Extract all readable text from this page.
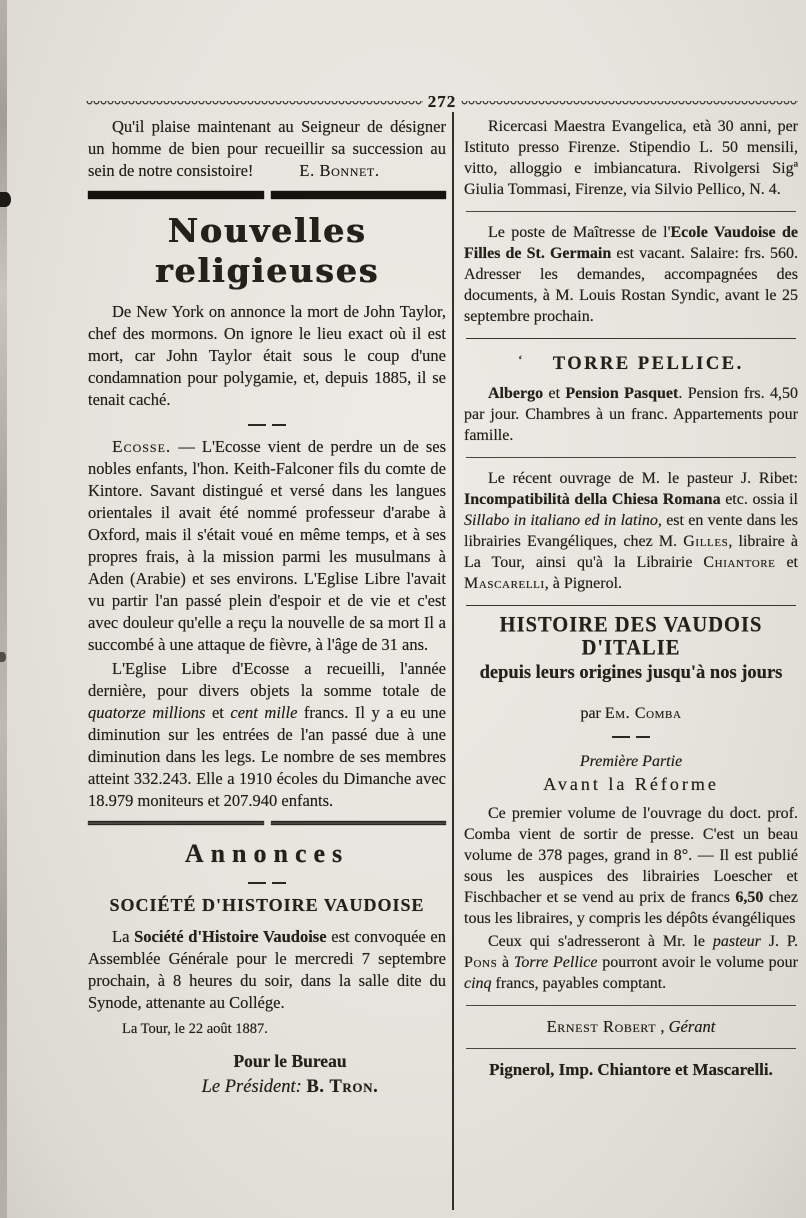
272

Qu'il plaise maintenant au Seigneur de désigner un homme de bien pour recueillir sa succession au sein de notre consistoire!	E. Bonnet.

Nouvelles religieuses

De New York on annonce la mort de John Taylor, chef des mormons. On ignore le lieu exact où il est mort, car John Taylor était sous le coup d'une condamnation pour polygamie, et, depuis 1885, il se tenait caché.

Ecosse. — L'Ecosse vient de perdre un de ses nobles enfants, l'hon. Keith-Falconer fils du comte de Kintore. Savant distingué et versé dans les langues orientales il avait été nommé professeur d'arabe à Oxford, mais il s'était voué en même temps, et à ses propres frais, à la mission parmi les musulmans à Aden (Arabie) et ses environs. L'Eglise Libre l'avait vu partir l'an passé plein d'espoir et de vie et c'est avec douleur qu'elle a reçu la nouvelle de sa mort Il a succombé à une attaque de fièvre, à l'âge de 31 ans.

L'Eglise Libre d'Ecosse a recueilli, l'année dernière, pour divers objets la somme totale de quatorze millions et cent mille francs. Il y a eu une diminution sur les entrées de l'an passé due à une diminution dans les legs. Le nombre de ses membres atteint 332.243. Elle a 1910 écoles du Dimanche avec 18.979 moniteurs et 207.940 enfants.

Annonces
SOCIÉTÉ D'HISTOIRE VAUDOISE

La Société d'Histoire Vaudoise est convoquée en Assemblée Générale pour le mercredi 7 septembre prochain, à 8 heures du soir, dans la salle dite du Synode, attenante au Collége.

La Tour, le 22 août 1887.

Pour le Bureau

Le Président: B. Tron.

Ricercasi Maestra Evangelica, età 30 anni, per Istituto presso Firenze. Stipendio L. 50 mensili, vitto, alloggio e imbiancatura. Rivolgersi Sigª Giulia Tommasi, Firenze, via Silvio Pellico, N. 4.

Le poste de Maîtresse de l'Ecole Vaudoise de Filles de St. Germain est vacant. Salaire: frs. 560. Adresser les demandes, accompagnées des documents, à M. Louis Rostan Syndic, avant le 25 septembre prochain.

$^ʻ$ TORRE PELLICE.

Albergo et Pension Pasquet. Pension frs. 4,50 par jour. Chambres à un franc. Appartements pour famille.

Le récent ouvrage de M. le pasteur J. Ribet: Incompatibilità della Chiesa Romana etc. ossia il Sillabo in italiano ed in latino, est en vente dans les librairies Evangéliques, chez M. Gilles, libraire à La Tour, ainsi qu'à la Librairie Chiantore et Mascarelli, à Pignerol.

HISTOIRE DES VAUDOIS D'ITALIE
depuis leurs origines jusqu'à nos jours

par Em. Comba

Première Partie

Avant la Réforme

Ce premier volume de l'ouvrage du doct. prof. Comba vient de sortir de presse. C'est un beau volume de 378 pages, grand in 8°. — Il est publié sous les auspices des librairies Loescher et Fischbacher et se vend au prix de francs 6,50 chez tous les libraires, y compris les dépôts évangéliques

Ceux qui s'adresseront à Mr. le pasteur J. P. Pons à Torre Pellice pourront avoir le volume pour cinq francs, payables comptant.

Ernest Robert , Gérant

Pignerol, Imp. Chiantore et Mascarelli.
